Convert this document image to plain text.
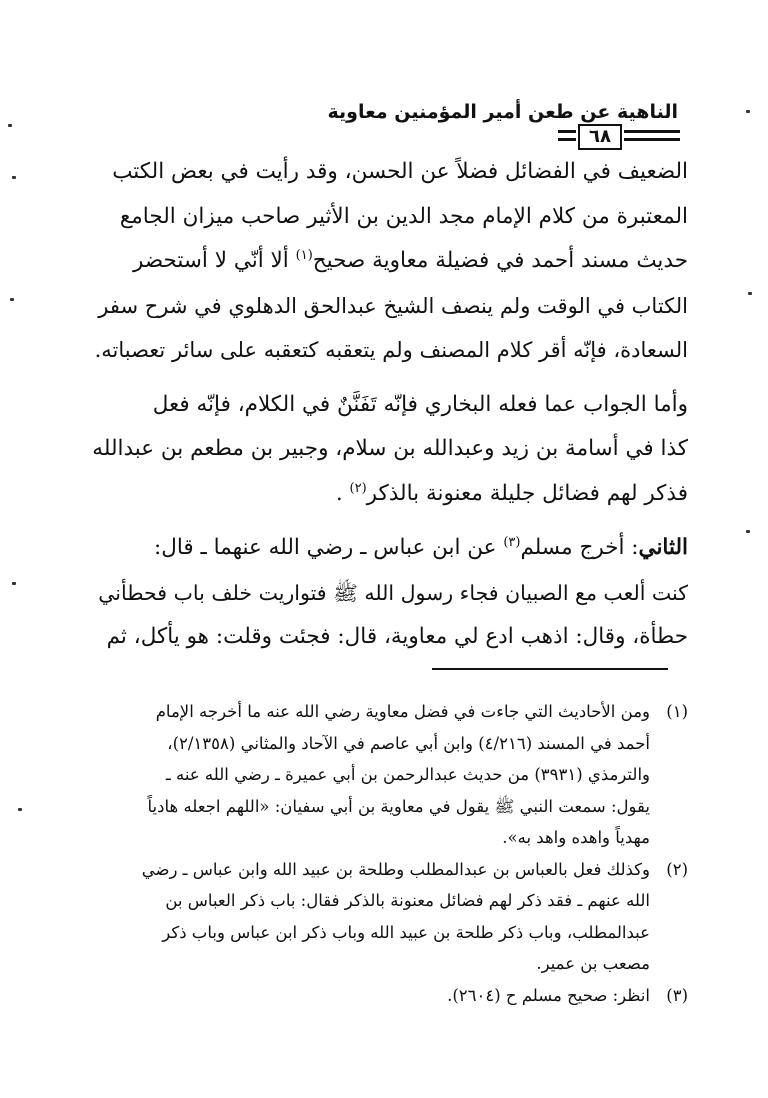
الناهية عن طعن أمير المؤمنين معاوية
٦٨

الضعيف في الفضائل فضلاً عن الحسن، وقد رأيت في بعض الكتب
المعتبرة من كلام الإمام مجد الدين بن الأثير صاحب ميزان الجامع
حديث مسند أحمد في فضيلة معاوية صحيح$^{(١)}$ ألا أنّي لا أستحضر
الكتاب في الوقت ولم ينصف الشيخ عبدالحق الدهلوي في شرح سفر
السعادة، فإنّه أقر كلام المصنف ولم يتعقبه كتعقبه على سائر تعصباته.

وأما الجواب عما فعله البخاري فإنّه تَفَنَّنٌ في الكلام، فإنّه فعل
كذا في أسامة بن زيد وعبدالله بن سلام، وجبير بن مطعم بن عبدالله
فذكر لهم فضائل جليلة معنونة بالذكر$^{(٢)}$ .

الثاني: أخرج مسلم$^{(٣)}$ عن ابن عباس ـ رضي الله عنهما ـ قال:
كنت ألعب مع الصبيان فجاء رسول الله ﷺ فتواريت خلف باب فحطأني
حطأة، وقال: اذهب ادع لي معاوية، قال: فجئت وقلت: هو يأكل، ثم

(١)
ومن الأحاديث التي جاءت في فضل معاوية رضي الله عنه ما أخرجه الإمام
أحمد في المسند (٤/٢١٦) وابن أبي عاصم في الآحاد والمثاني (٢/١٣٥٨)،
والترمذي (٣٩٣١) من حديث عبدالرحمن بن أبي عميرة ـ رضي الله عنه ـ
يقول: سمعت النبي ﷺ يقول في معاوية بن أبي سفيان: «اللهم اجعله هادياً
مهدياً واهده واهد به».
(٢)
وكذلك فعل بالعباس بن عبدالمطلب وطلحة بن عبيد الله وابن عباس ـ رضي
الله عنهم ـ فقد ذكر لهم فضائل معنونة بالذكر فقال: باب ذكر العباس بن
عبدالمطلب، وباب ذكر طلحة بن عبيد الله وباب ذكر ابن عباس وباب ذكر
مصعب بن عمير.
(٣)
انظر: صحيح مسلم ح (٢٦٠٤).
